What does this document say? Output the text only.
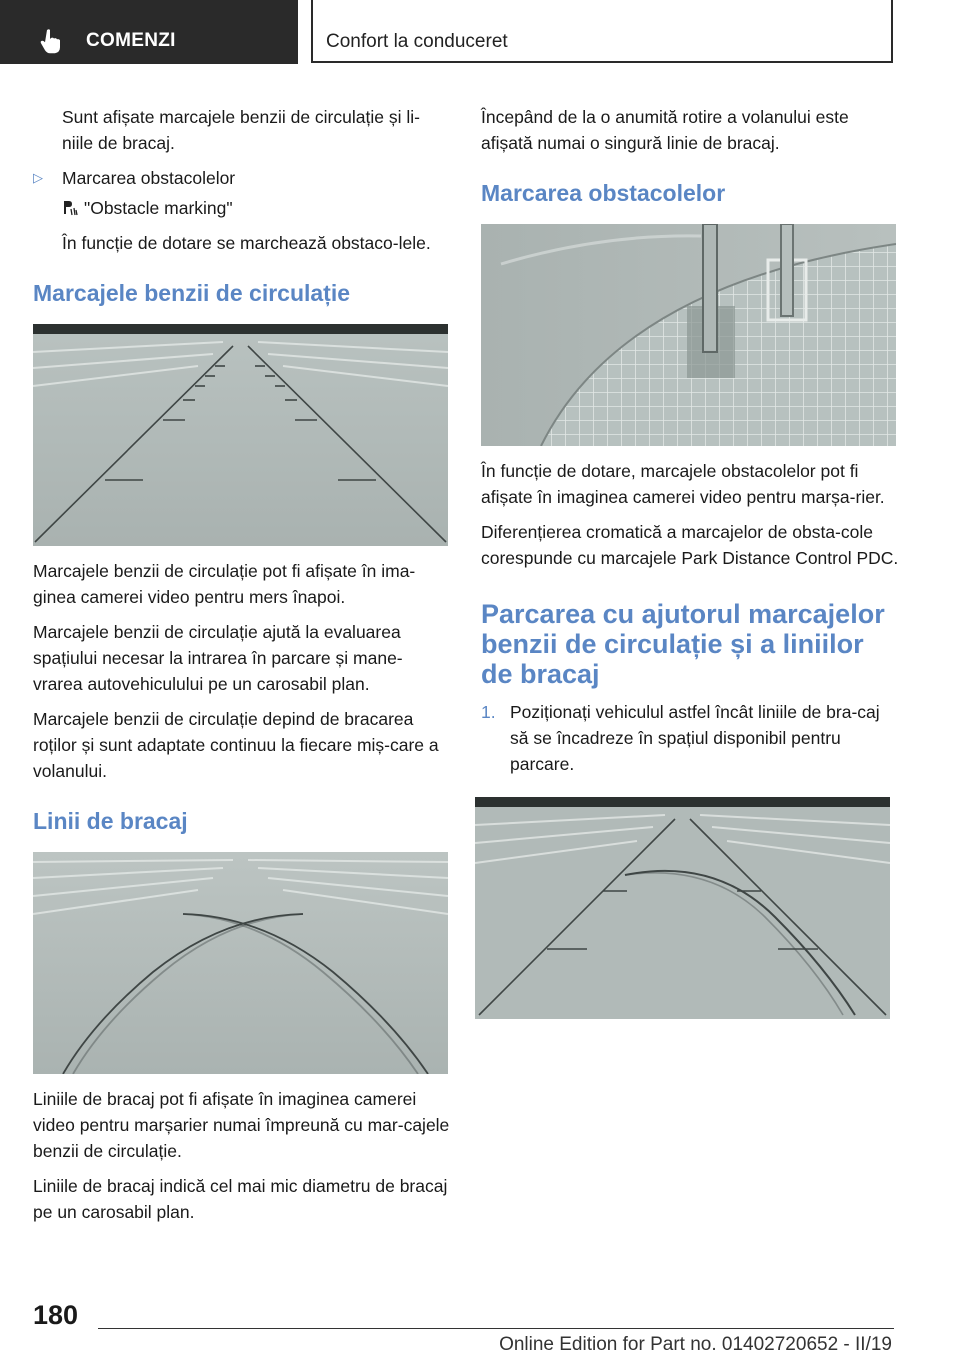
COMENZI	Confort la conduceret

Sunt afișate marcajele benzii de circulație și li-niile de bracaj.

▷ Marcarea obstacolelor

"Obstacle marking"

În funcție de dotare se marchează obstaco-lele.

Marcajele benzii de circulație

Marcajele benzii de circulație pot fi afișate în ima-ginea camerei video pentru mers înapoi.

Marcajele benzii de circulație ajută la evaluarea spațiului necesar la intrarea în parcare și mane-vrarea autovehiculului pe un carosabil plan.

Marcajele benzii de circulație depind de bracarea roților și sunt adaptate continuu la fiecare miș-care a volanului.

Linii de bracaj

Liniile de bracaj pot fi afișate în imaginea camerei video pentru marșarier numai împreună cu mar-cajele benzii de circulație.

Liniile de bracaj indică cel mai mic diametru de bracaj pe un carosabil plan.

Începând de la o anumită rotire a volanului este afișată numai o singură linie de bracaj.

Marcarea obstacolelor

În funcție de dotare, marcajele obstacolelor pot fi afișate în imaginea camerei video pentru marșa-rier.

Diferențierea cromatică a marcajelor de obsta-cole corespunde cu marcajele Park Distance Control PDC.

Parcarea cu ajutorul marcajelor benzii de circulație și a liniilor de bracaj
1. Poziționați vehiculul astfel încât liniile de bra-caj să se încadreze în spațiul disponibil pentru parcare.
180
Online Edition for Part no. 01402720652 - II/19
